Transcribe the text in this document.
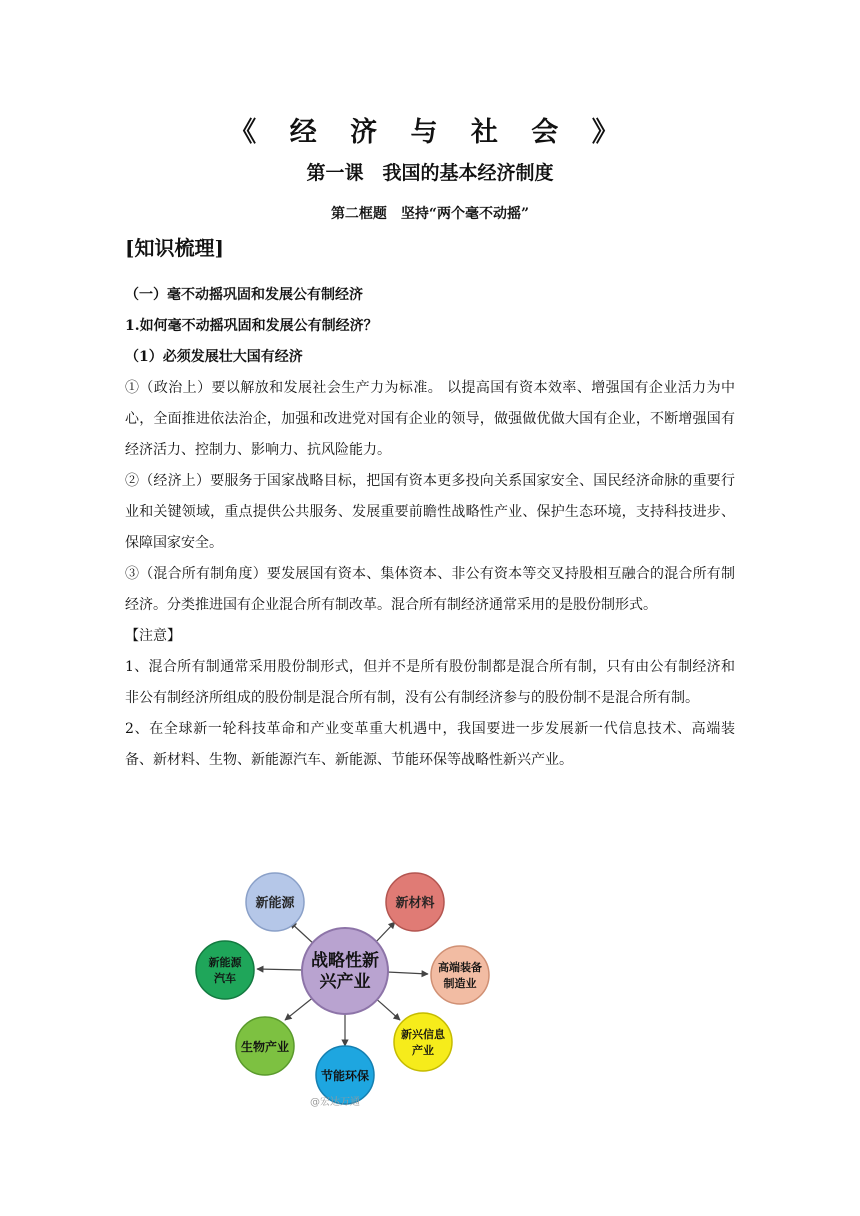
《 经 济 与 社 会 》
第一课　我国的基本经济制度
第二框题　坚持“两个毫不动摇”
[知识梳理]

（一）毫不动摇巩固和发展公有制经济

1.如何毫不动摇巩固和发展公有制经济？

（1）必须发展壮大国有经济

①（政治上）要以解放和发展社会生产力为标准。 以提高国有资本效率、增强国有企业活力为中心，全面推进依法治企，加强和改进党对国有企业的领导，做强做优做大国有企业，不断增强国有经济活力、控制力、影响力、抗风险能力。

②（经济上）要服务于国家战略目标，把国有资本更多投向关系国家安全、国民经济命脉的重要行业和关键领域，重点提供公共服务、发展重要前瞻性战略性产业、保护生态环境，支持科技进步、保障国家安全。

③（混合所有制角度）要发展国有资本、集体资本、非公有资本等交叉持股相互融合的混合所有制经济。分类推进国有企业混合所有制改革。混合所有制经济通常采用的是股份制形式。

【注意】

1、混合所有制通常采用股份制形式，但并不是所有股份制都是混合所有制，只有由公有制经济和非公有制经济所组成的股份制是混合所有制，没有公有制经济参与的股份制不是混合所有制。

2、在全球新一轮科技革命和产业变革重大机遇中，我国要进一步发展新一代信息技术、高端装备、新材料、生物、新能源汽车、新能源、节能环保等战略性新兴产业。

新能源	新材料
新能源
汽车
高端装备
制造业
生物产业
新兴信息
产业
节能环保
战略性新
兴产业
@宏达万通
